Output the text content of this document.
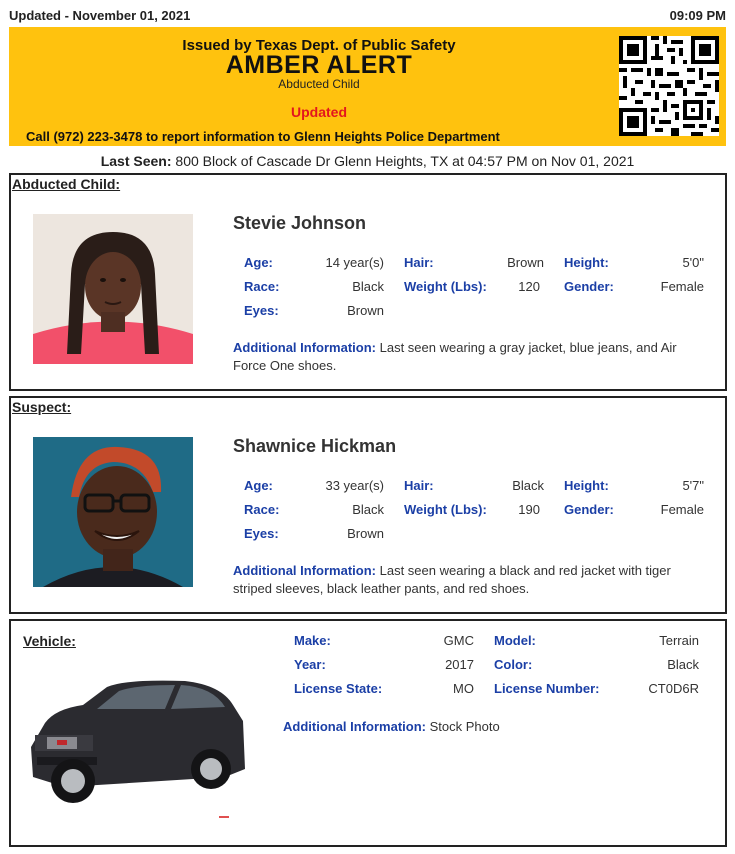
Updated - November 01, 2021	09:09 PM
Issued by Texas Dept. of Public Safety
AMBER ALERT
Abducted Child
Updated
Call (972) 223-3478 to report information to Glenn Heights Police Department
Last Seen: 800 Block of Cascade Dr Glenn Heights, TX at 04:57 PM on Nov 01, 2021
Abducted Child:
Stevie Johnson
Age:	14 year(s) Hair:	Brown Height:	5'0"
Race:	Black Weight (Lbs):	120 Gender:	Female
Eyes:	Brown
Additional Information: Last seen wearing a gray jacket, blue jeans, and Air Force One shoes.
Suspect:
Shawnice Hickman
Age:	33 year(s) Hair:	Black Height:	5'7"
Race:	Black Weight (Lbs):	190 Gender:	Female
Eyes:	Brown
Additional Information: Last seen wearing a black and red jacket with tiger striped sleeves, black leather pants, and red shoes.
Vehicle:	Make:	GMC Model:	Terrain
Year:	2017 Color:	Black
License State:	MO License Number:	CT0D6R
Additional Information: Stock Photo
